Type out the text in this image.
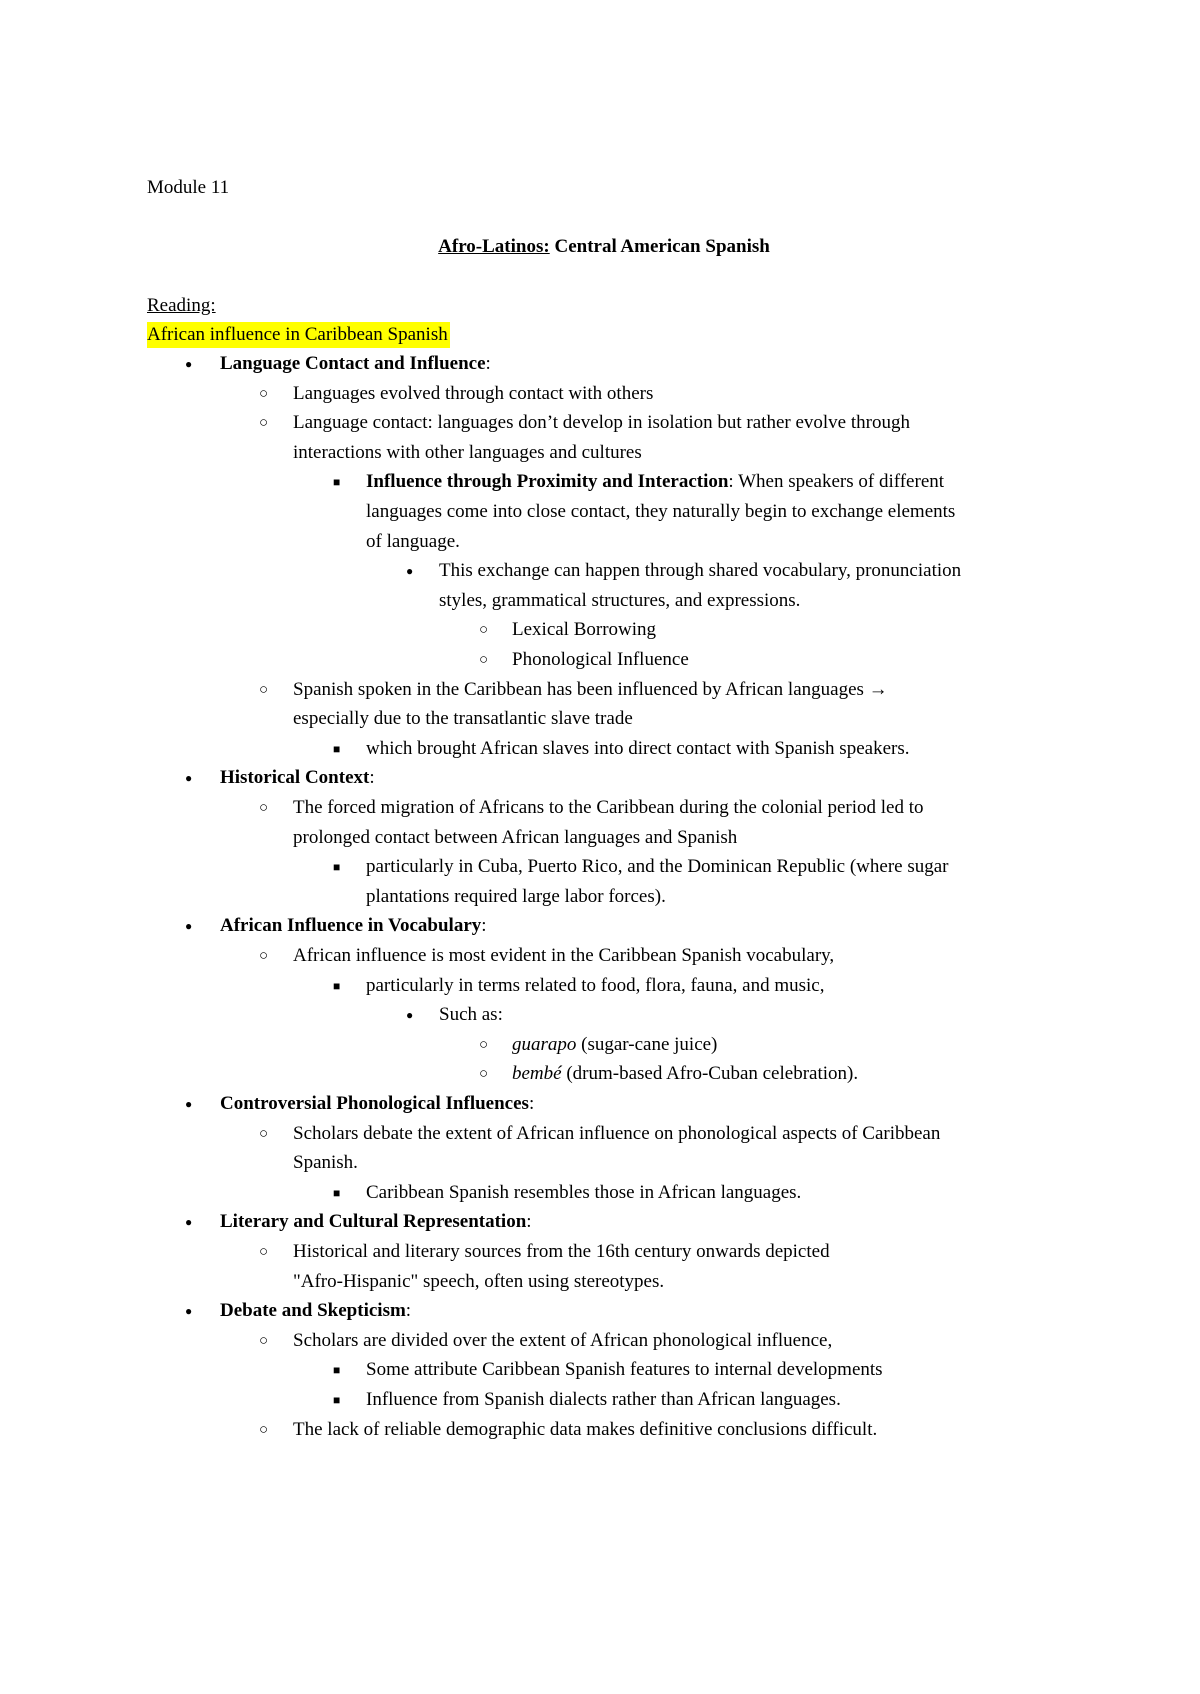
Module 11
Afro-Latinos: Central American Spanish
Reading:
African influence in Caribbean Spanish
●
Language Contact and Influence:
○
Languages evolved through contact with others
○
Language contact: languages don’t develop in isolation but rather evolve through
interactions with other languages and cultures
■
Influence through Proximity and Interaction: When speakers of different
languages come into close contact, they naturally begin to exchange elements
of language.
●
This exchange can happen through shared vocabulary, pronunciation
styles, grammatical structures, and expressions.
○
Lexical Borrowing
○
Phonological Influence
○
Spanish spoken in the Caribbean has been influenced by African languages →
especially due to the transatlantic slave trade
■
which brought African slaves into direct contact with Spanish speakers.
●
Historical Context:
○
The forced migration of Africans to the Caribbean during the colonial period led to
prolonged contact between African languages and Spanish
■
particularly in Cuba, Puerto Rico, and the Dominican Republic (where sugar
plantations required large labor forces).
●
African Influence in Vocabulary:
○
African influence is most evident in the Caribbean Spanish vocabulary,
■
particularly in terms related to food, flora, fauna, and music,
●
Such as:
○
guarapo (sugar-cane juice)
○
bembé (drum-based Afro-Cuban celebration).
●
Controversial Phonological Influences:
○
Scholars debate the extent of African influence on phonological aspects of Caribbean
Spanish.
■
Caribbean Spanish resembles those in African languages.
●
Literary and Cultural Representation:
○
Historical and literary sources from the 16th century onwards depicted
"Afro-Hispanic" speech, often using stereotypes.
●
Debate and Skepticism:
○
Scholars are divided over the extent of African phonological influence,
■
Some attribute Caribbean Spanish features to internal developments
■
Influence from Spanish dialects rather than African languages.
○
The lack of reliable demographic data makes definitive conclusions difficult.
